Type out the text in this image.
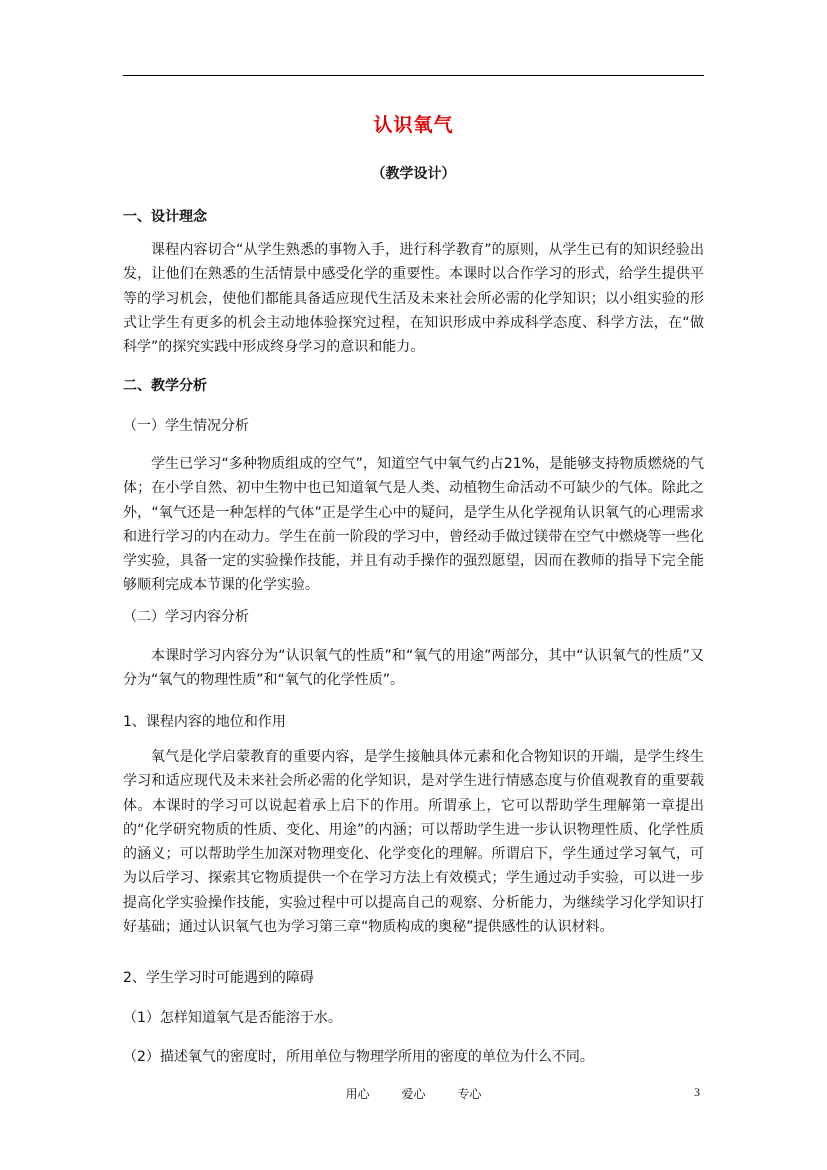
认识氧气
（教学设计）
一、设计理念

课程内容切合“从学生熟悉的事物入手，进行科学教育”的原则，从学生已有的知识经验出发，让他们在熟悉的生活情景中感受化学的重要性。本课时以合作学习的形式，给学生提供平等的学习机会，使他们都能具备适应现代生活及未来社会所必需的化学知识；以小组实验的形式让学生有更多的机会主动地体验探究过程，在知识形成中养成科学态度、科学方法，在“做科学”的探究实践中形成终身学习的意识和能力。

二、教学分析
（一）学生情况分析

学生已学习“多种物质组成的空气”，知道空气中氧气约占21%，是能够支持物质燃烧的气体；在小学自然、初中生物中也已知道氧气是人类、动植物生命活动不可缺少的气体。除此之外，“氧气还是一种怎样的气体”正是学生心中的疑问，是学生从化学视角认识氧气的心理需求和进行学习的内在动力。学生在前一阶段的学习中，曾经动手做过镁带在空气中燃烧等一些化学实验，具备一定的实验操作技能，并且有动手操作的强烈愿望，因而在教师的指导下完全能够顺利完成本节课的化学实验。

（二）学习内容分析

本课时学习内容分为“认识氧气的性质”和“氧气的用途”两部分，其中“认识氧气的性质”又分为“氧气的物理性质”和“氧气的化学性质”。

1、课程内容的地位和作用

氧气是化学启蒙教育的重要内容，是学生接触具体元素和化合物知识的开端，是学生终生学习和适应现代及未来社会所必需的化学知识，是对学生进行情感态度与价值观教育的重要载体。本课时的学习可以说起着承上启下的作用。所谓承上，它可以帮助学生理解第一章提出的“化学研究物质的性质、变化、用途”的内涵；可以帮助学生进一步认识物理性质、化学性质的涵义；可以帮助学生加深对物理变化、化学变化的理解。所谓启下，学生通过学习氧气，可为以后学习、探索其它物质提供一个在学习方法上有效模式；学生通过动手实验，可以进一步提高化学实验操作技能，实验过程中可以提高自己的观察、分析能力，为继续学习化学知识打好基础；通过认识氧气也为学习第三章“物质构成的奥秘”提供感性的认识材料。

2、学生学习时可能遇到的障碍
（1）怎样知道氧气是否能溶于水。
（2）描述氧气的密度时，所用单位与物理学所用的密度的单位为什么不同。
用心	爱心	专心	3
